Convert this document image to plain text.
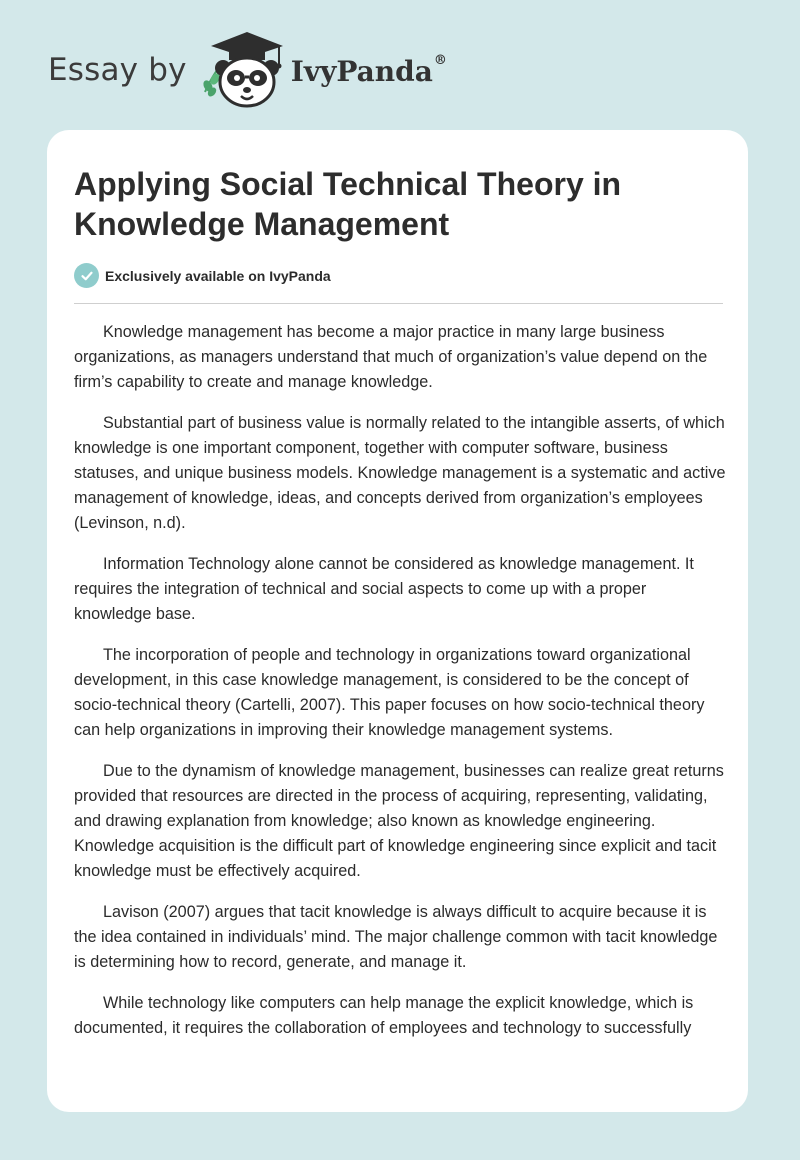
Essay by	IvyPanda®
Applying Social Technical Theory in Knowledge Management
Exclusively available on IvyPanda

Knowledge management has become a major practice in many large business organizations, as managers understand that much of organization’s value depend on the firm’s capability to create and manage knowledge.

Substantial part of business value is normally related to the intangible asserts, of which knowledge is one important component, together with computer software, business statuses, and unique business models. Knowledge management is a systematic and active management of knowledge, ideas, and concepts derived from organization’s employees (Levinson, n.d).

Information Technology alone cannot be considered as knowledge management. It requires the integration of technical and social aspects to come up with a proper knowledge base.

The incorporation of people and technology in organizations toward organizational development, in this case knowledge management, is considered to be the concept of socio-technical theory (Cartelli, 2007). This paper focuses on how socio-technical theory can help organizations in improving their knowledge management systems.

Due to the dynamism of knowledge management, businesses can realize great returns provided that resources are directed in the process of acquiring, representing, validating, and drawing explanation from knowledge; also known as knowledge engineering. Knowledge acquisition is the difficult part of knowledge engineering since explicit and tacit knowledge must be effectively acquired.

Lavison (2007) argues that tacit knowledge is always difficult to acquire because it is the idea contained in individuals’ mind. The major challenge common with tacit knowledge is determining how to record, generate, and manage it.

While technology like computers can help manage the explicit knowledge, which is documented, it requires the collaboration of employees and technology to successfully
